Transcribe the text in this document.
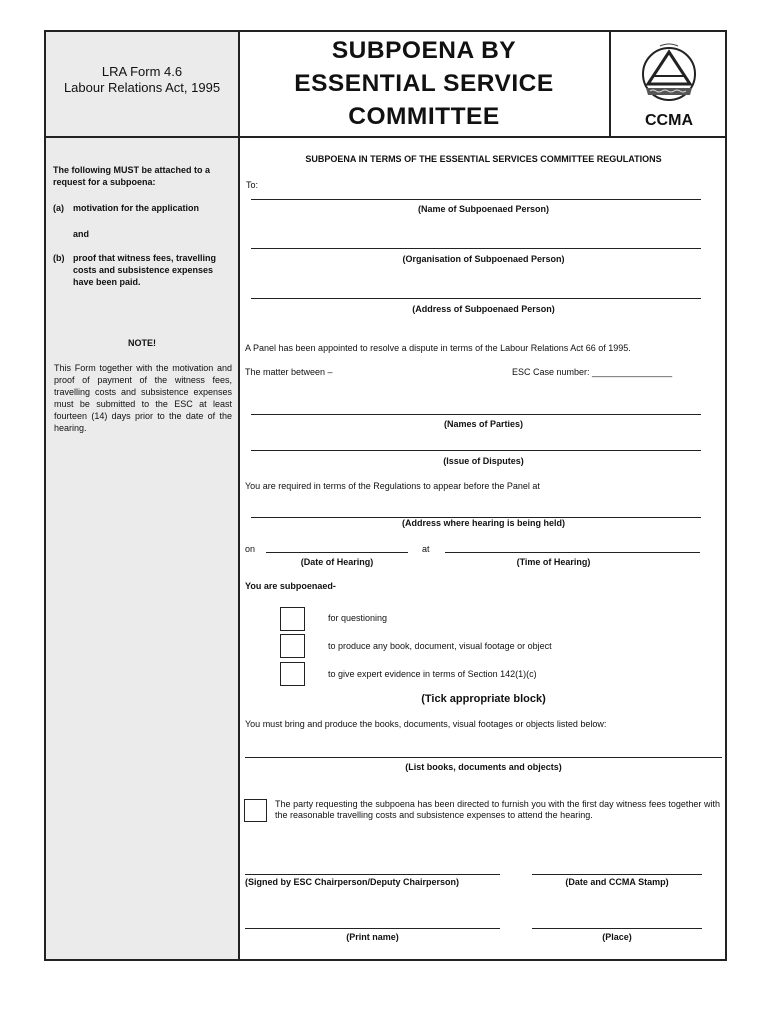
LRA Form 4.6
Labour Relations Act, 1995
SUBPOENA BY
ESSENTIAL SERVICE
COMMITTEE	CCMA
The following MUST be attached to a request for a subpoena:
(a)	motivation for the application
and
(b) proof that witness fees, travelling costs and subsistence expenses have been paid.
NOTE!
This Form together with the motivation and proof of payment of the witness fees, travelling costs and subsistence expenses must be submitted to the ESC at least fourteen (14) days prior to the date of the hearing.
SUBPOENA IN TERMS OF THE ESSENTIAL SERVICES COMMITTEE REGULATIONS
To:
(Name of Subpoenaed Person)
(Organisation of Subpoenaed Person)
(Address of Subpoenaed Person)
A Panel has been appointed to resolve a dispute in terms of the Labour Relations Act 66 of 1995.
The matter between –	ESC Case number: ________________
(Names of Parties)
(Issue of Disputes)
You are required in terms of the Regulations to appear before the Panel at
(Address where hearing is being held)
on	at
(Date of Hearing)	(Time of Hearing)
You are subpoenaed-
for questioning
to produce any book, document, visual footage or object
to give expert evidence in terms of Section 142(1)(c)
(Tick appropriate block)
You must bring and produce the books, documents, visual footages or objects listed below:
(List books, documents and objects)
The party requesting the subpoena has been directed to furnish you with the first day witness fees together with the reasonable travelling costs and subsistence expenses to attend the hearing.
(Signed by ESC Chairperson/Deputy Chairperson)	(Date and CCMA Stamp)
(Print name)	(Place)
